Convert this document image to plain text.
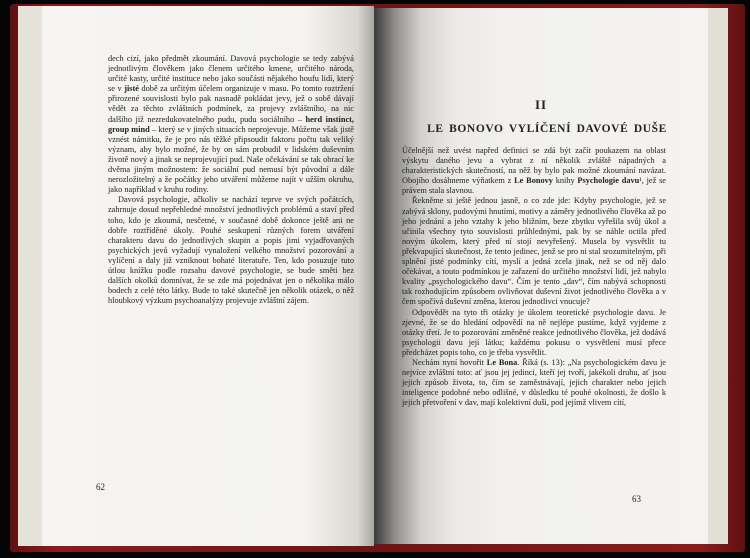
dech cizí, jako předmět zkoumání. Davová psychologie se tedy zabývá jednotlivým člověkem jako členem určitého kmene, určitého národa, určité kasty, určité instituce nebo jako součásti nějakého houfu lidí, který se v jisté době za určitým účelem organizuje v masu. Po tomto roztržení přirozené souvislosti bylo pak nasnadě pokládat jevy, jež o sobě dávají vědět za těchto zvláštních podmínek, za projevy zvláštního, na nic dalšího již nezredukovatelného pudu, pudu sociálního – herd instinct, group mind – který se v jiných situacích neprojevuje. Můžeme však jistě vznést námitku, že je pro nás těžké připsoudit faktoru počtu tak veliký význam, aby bylo možné, že by on sám probudil v lidském duševním životě nový a jinak se neprojevující pud. Naše očekávání se tak obrací ke dvěma jiným možnostem: že sociální pud nemusí být původní a dále nerozložitelný a že počátky jeho utváření můžeme najít v užším okruhu, jako například v kruhu rodiny.

Davová psychologie, ačkoliv se nachází teprve ve svých počátcích, zahrnuje dosud nepřehledné množství jednotlivých problémů a staví před toho, kdo je zkoumá, nesčetné, v současné době dokonce ještě ani ne dobře roztříděné úkoly. Pouhé seskupení různých forem utváření charakteru davu do jednotlivých skupin a popis jimi vyjadřovaných psychických jevů vyžadují vynaložení velkého množství pozorování a vylíčení a daly již vzniknout bohaté literatuře. Ten, kdo posuzuje tuto útlou knížku podle rozsahu davové psychologie, se bude směti bez dalších okolků domnívat, že se zde má pojednávat jen o několika málo bodech z celé této látky. Bude to také skutečně jen několik otázek, o něž hloubkový výzkum psychoanalýzy projevuje zvláštní zájem.

62
II
LE BONOVO VYLÍČENÍ DAVOVÉ DUŠE

Účelnější než uvést napřed definici se zdá být začít poukazem na oblast výskytu daného jevu a vybrat z ní několik zvláště nápadných a charakteristických skutečností, na něž by bylo pak možné zkoumání navázat. Obojího dosáhneme výňatkem z Le Bonovy knihy Psychologie davu¹, jež se právem stala slavnou.

Řekněme si ještě jednou jasně, o co zde jde: Kdyby psychologie, jež se zabývá sklony, pudovými hnutími, motivy a záměry jednotlivého člověka až po jeho jednání a jeho vztahy k jeho bližním, beze zbytku vyřešila svůj úkol a učinila všechny tyto souvislosti průhlednými, pak by se náhle octila před novým úkolem, který před ní stojí nevyřešený. Musela by vysvětlit tu překvapující skutečnost, že tento jedinec, jenž se pro ni stal srozumitelným, při splnění jisté podmínky cítí, myslí a jedná zcela jinak, než se od něj dalo očekávat, a touto podmínkou je zařazení do určitého množství lidí, jež nabylo kvality „psychologického davu“. Čím je tento „dav“, čím nabývá schopnosti tak rozhodujícím způsobem ovlivňovat duševní život jednotlivého člověka a v čem spočívá duševní změna, kterou jednotlivci vnucuje?

Odpovědět na tyto tři otázky je úkolem teoretické psychologie davu. Je zjevné, že se do hledání odpovědí na ně nejlépe pustíme, když vyjdeme z otázky třetí. Je to pozorování změněné reakce jednotlivého člověka, jež dodává psychologii davu její látku; každému pokusu o vysvětlení musí přece předcházet popis toho, co je třeba vysvětlit.

Nechám nyní hovořit Le Bona. Říká (s. 13): „Na psychologickém davu je nejvíce zvláštní toto: ať jsou jej jedinci, kteří jej tvoří, jakékoli druhu, ať jsou jejich způsob života, to, čím se zaměstnávají, jejich charakter nebo jejich inteligence podobné nebo odlišné, v důsledku té pouhé okolnosti, že došlo k jejich přetvoření v dav, mají kolektivní duši, pod jejímž vlivem cítí,

63
